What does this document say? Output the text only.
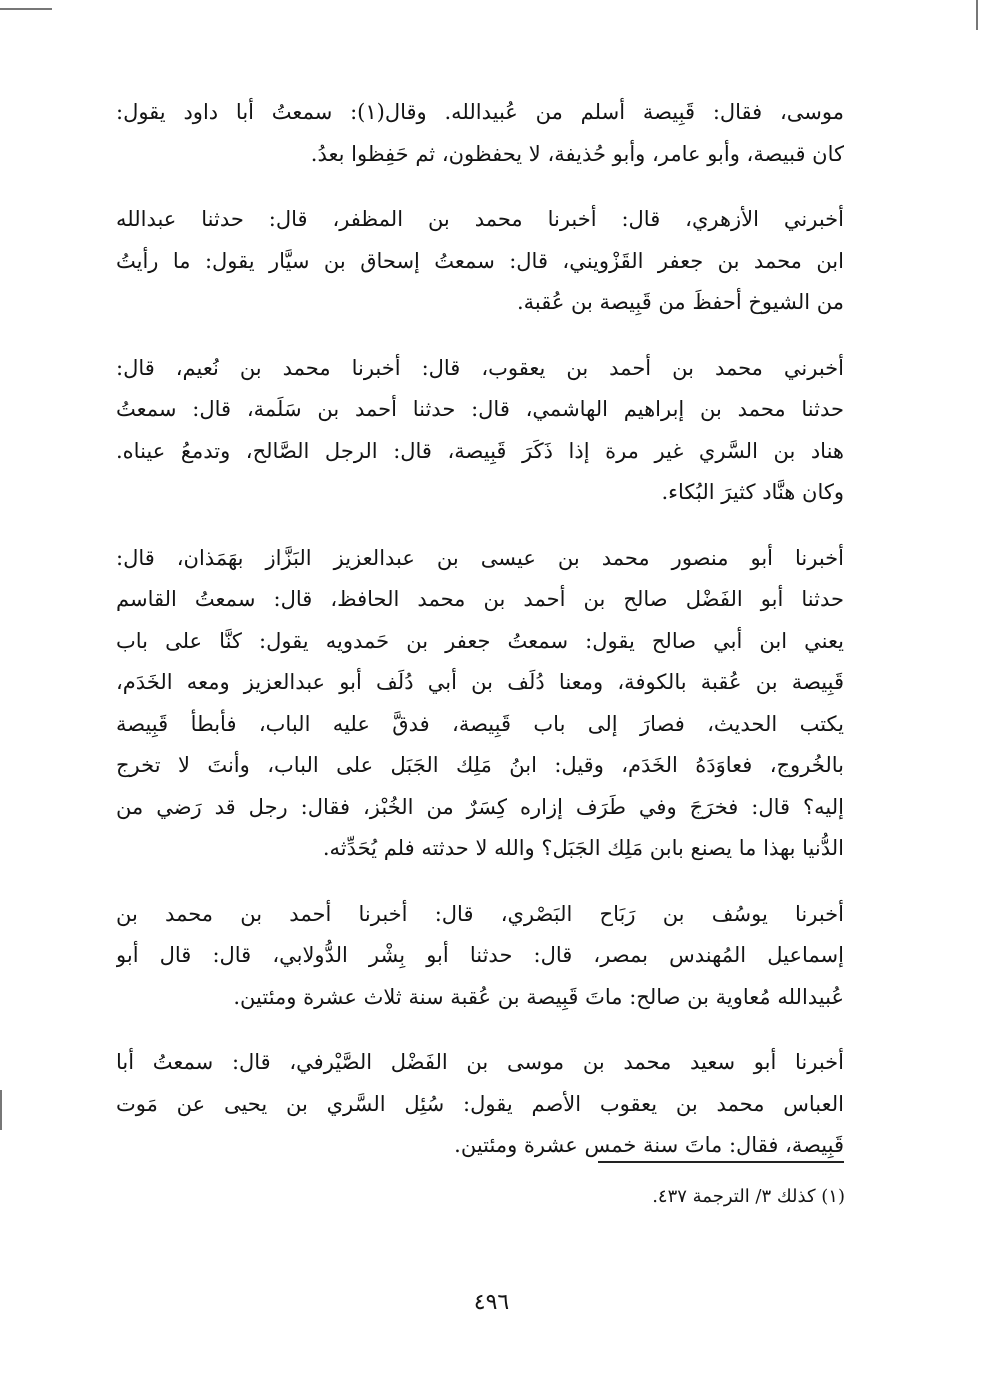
موسى، فقال: قَبِيصة أسلم من عُبيدالله. وقال(١): سمعتُ أبا داود يقول:
كان قبيصة، وأبو عامر، وأبو حُذيفة، لا يحفظون، ثم حَفِظوا بعدُ.
أخبرني الأزهري، قال: أخبرنا محمد بن المظفر، قال: حدثنا عبدالله
ابن محمد بن جعفر القَزْويني، قال: سمعتُ إسحاق بن سيَّار يقول: ما رأيتُ
من الشيوخ أحفظَ من قَبِيصة بن عُقبة.
أخبرني محمد بن أحمد بن يعقوب، قال: أخبرنا محمد بن نُعيم، قال:
حدثنا محمد بن إبراهيم الهاشمي، قال: حدثنا أحمد بن سَلَمة، قال: سمعتُ
هناد بن السَّري غير مرة إذا ذَكَرَ قَبِيصة، قال: الرجل الصَّالح، وتدمعُ عيناه.
وكان هنَّاد كثيرَ البُكاء.
أخبرنا أبو منصور محمد بن عيسى بن عبدالعزيز البَزَّاز بهَمَذان، قال:
حدثنا أبو الفَضْل صالح بن أحمد بن محمد الحافظ، قال: سمعتُ القاسم
يعني ابن أبي صالح يقول: سمعتُ جعفر بن حَمدويه يقول: كنَّا على باب
قَبِيصة بن عُقبة بالكوفة، ومعنا دُلَف بن أبي دُلَف أبو عبدالعزيز ومعه الخَدَم،
يكتب الحديث، فصارَ إلى باب قَبِيصة، فدقَّ عليه الباب، فأبطأ قَبِيصة
بالخُروج، فعاوَدَهُ الخَدَم، وقيل: ابنُ مَلِك الجَبَل على الباب، وأنتَ لا تخرج
إليه؟ قال: فخرَجَ وفي طَرَف إزاره كِسَرٌ من الخُبْز، فقال: رجل قد رَضي من
الدُّنيا بهذا ما يصنع بابن مَلِك الجَبَل؟ والله لا حدثته فلم يُحَدِّثه.
أخبرنا يوسُف بن رَبَاح البَصْري، قال: أخبرنا أحمد بن محمد بن
إسماعيل المُهندس بمصر، قال: حدثنا أبو بِشْر الدُّولابي، قال: قال أبو
عُبيدالله مُعاوية بن صالح: ماتَ قَبِيصة بن عُقبة سنة ثلاث عشرة ومئتين.
أخبرنا أبو سعيد محمد بن موسى بن الفَضْل الصَّيْرفي، قال: سمعتُ أبا
العباس محمد بن يعقوب الأصم يقول: سُئِل السَّري بن يحيى عن مَوت
قَبِيصة، فقال: ماتَ سنة خمس عشرة ومئتين.
(١) كذلك ٣/ الترجمة ٤٣٧.
٤٩٦
